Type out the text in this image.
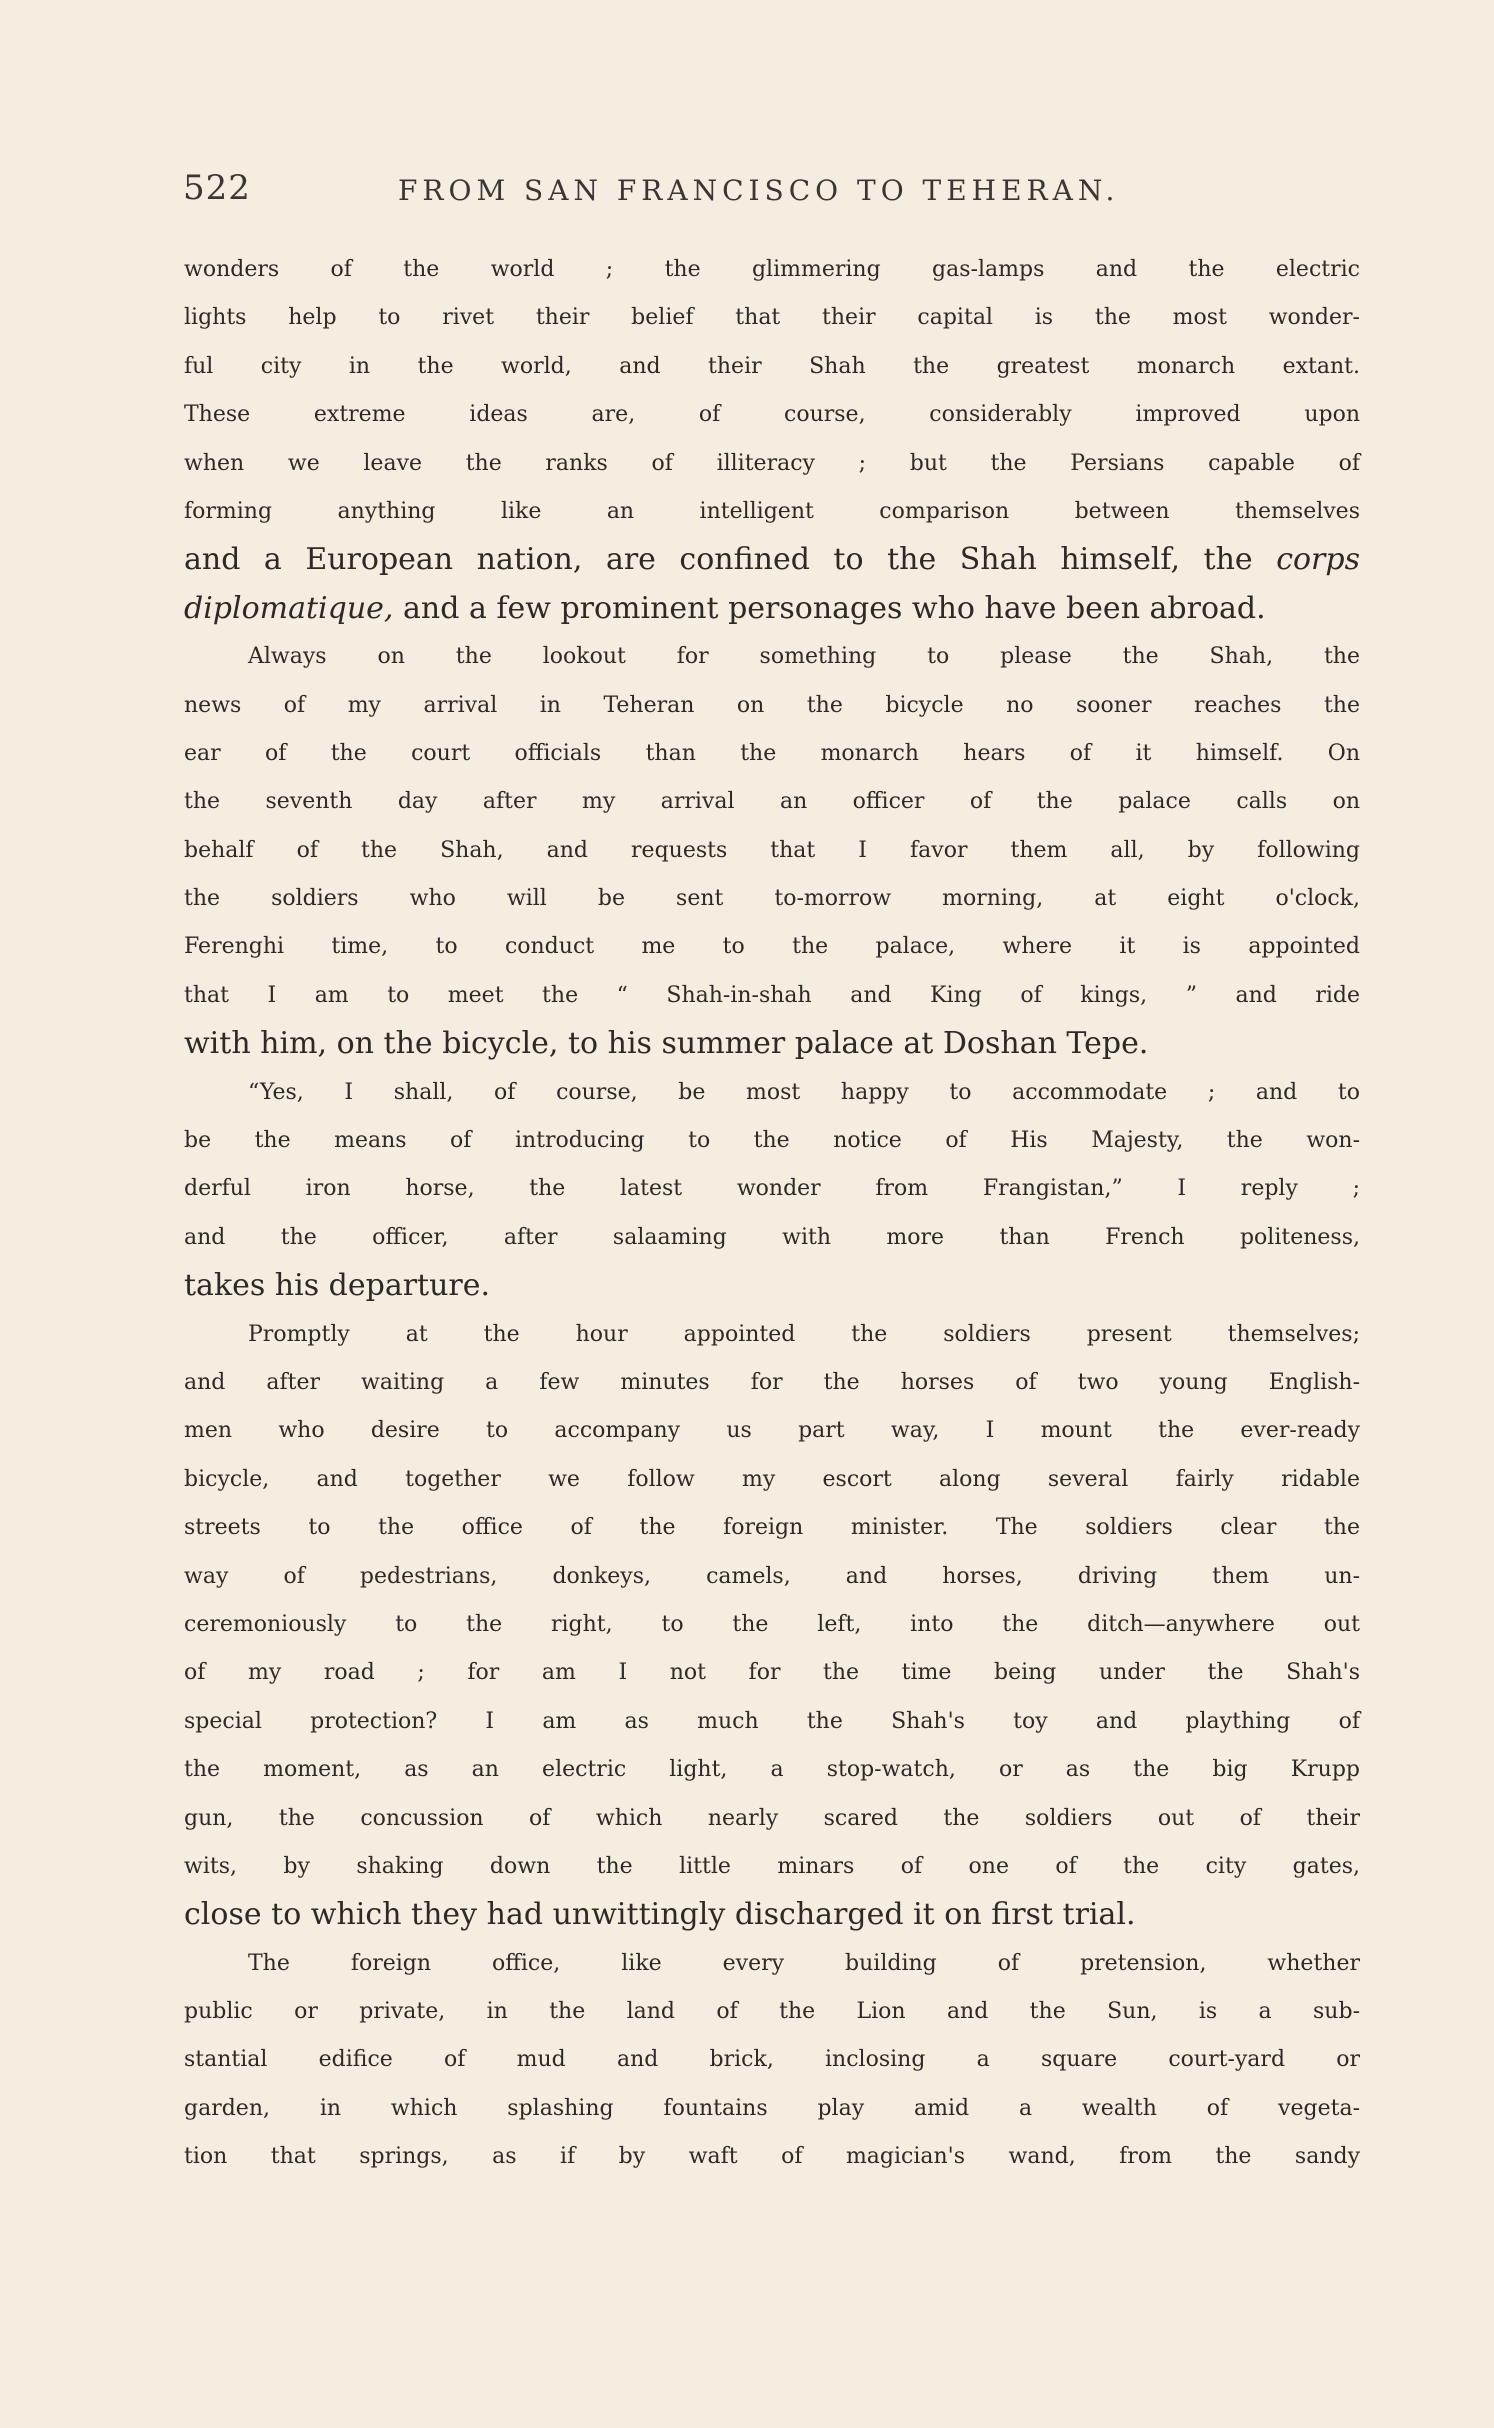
522	FROM SAN FRANCISCO TO TEHERAN.
wonders of the world ; the glimmering gas-lamps and the electric
lights help to rivet their belief that their capital is the most wonder-
ful city in the world, and their Shah the greatest monarch extant.
These extreme ideas are, of course, considerably improved upon
when we leave the ranks of illiteracy ; but the Persians capable of
forming anything like an intelligent comparison between themselves
and a European nation, are confined to the Shah himself, the corps
diplomatique, and a few prominent personages who have been abroad.
Always on the lookout for something to please the Shah, the
news of my arrival in Teheran on the bicycle no sooner reaches the
ear of the court officials than the monarch hears of it himself. On
the seventh day after my arrival an officer of the palace calls on
behalf of the Shah, and requests that I favor them all, by following
the soldiers who will be sent to-morrow morning, at eight o'clock,
Ferenghi time, to conduct me to the palace, where it is appointed
that I am to meet the “ Shah-in-shah and King of kings, ” and ride
with him, on the bicycle, to his summer palace at Doshan Tepe.
“Yes, I shall, of course, be most happy to accommodate ; and to
be the means of introducing to the notice of His Majesty, the won-
derful iron horse, the latest wonder from Frangistan,” I reply ;
and the officer, after salaaming with more than French politeness,
takes his departure.
Promptly at the hour appointed the soldiers present themselves;
and after waiting a few minutes for the horses of two young English-
men who desire to accompany us part way, I mount the ever-ready
bicycle, and together we follow my escort along several fairly ridable
streets to the office of the foreign minister. The soldiers clear the
way of pedestrians, donkeys, camels, and horses, driving them un-
ceremoniously to the right, to the left, into the ditch—anywhere out
of my road ; for am I not for the time being under the Shah's
special protection? I am as much the Shah's toy and plaything of
the moment, as an electric light, a stop-watch, or as the big Krupp
gun, the concussion of which nearly scared the soldiers out of their
wits, by shaking down the little minars of one of the city gates,
close to which they had unwittingly discharged it on first trial.
The foreign office, like every building of pretension, whether
public or private, in the land of the Lion and the Sun, is a sub-
stantial edifice of mud and brick, inclosing a square court-yard or
garden, in which splashing fountains play amid a wealth of vegeta-
tion that springs, as if by waft of magician's wand, from the sandy
